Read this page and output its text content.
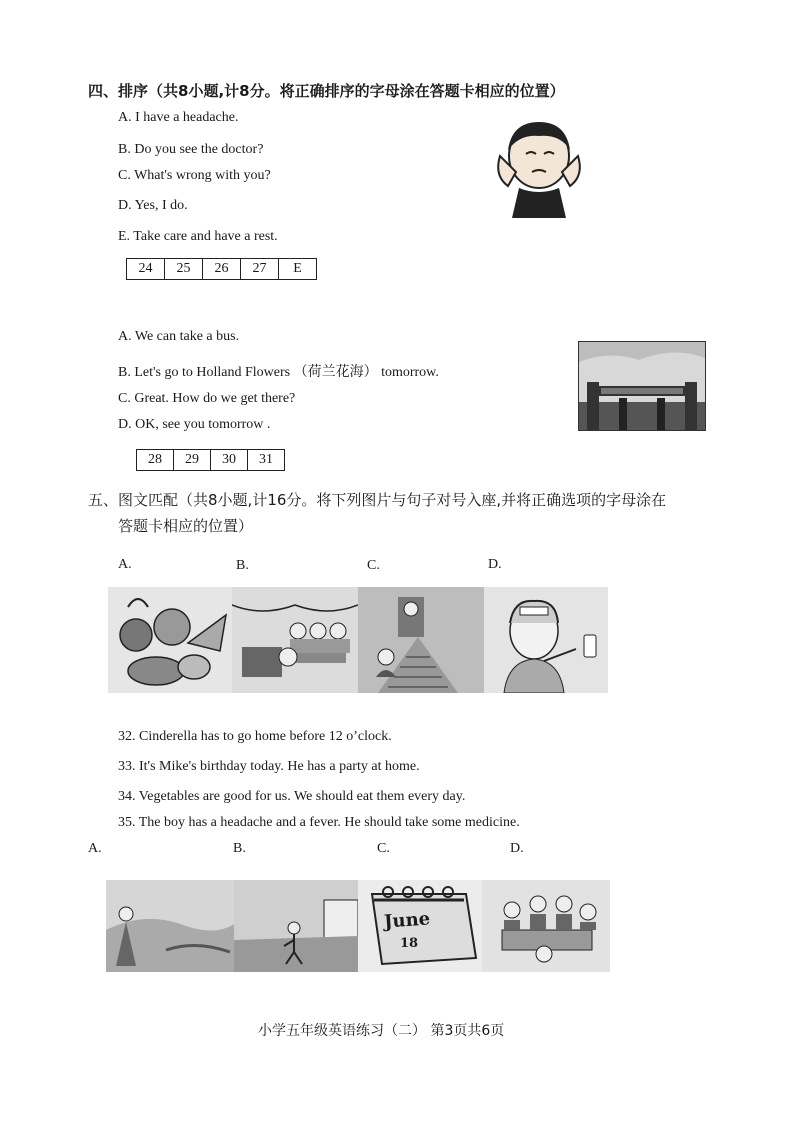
四、排序（共8小题,计8分。将正确排序的字母涂在答题卡相应的位置）
A. I have a headache.
B. Do you see the doctor?
C. What's wrong with you?
D. Yes, I do.
E. Take care and have a rest.
24	25	26	27	E
A. We can take a bus.
B. Let's go to Holland Flowers （荷兰花海） tomorrow.
C. Great. How do we get there?
D. OK, see you tomorrow .
28	29	30	31
五、图文匹配（共8小题,计16分。将下列图片与句子对号入座,并将正确选项的字母涂在
答题卡相应的位置）
A.	B.	C.	D.
32. Cinderella has to go home before 12 o’clock.
33. It's Mike's birthday today. He has a party at home.
34. Vegetables are good for us. We should eat them every day.
35. The boy has a headache and a fever. He should take some medicine.
A.	B.	C.	D.
June
18
小学五年级英语练习（二） 第3页共6页
